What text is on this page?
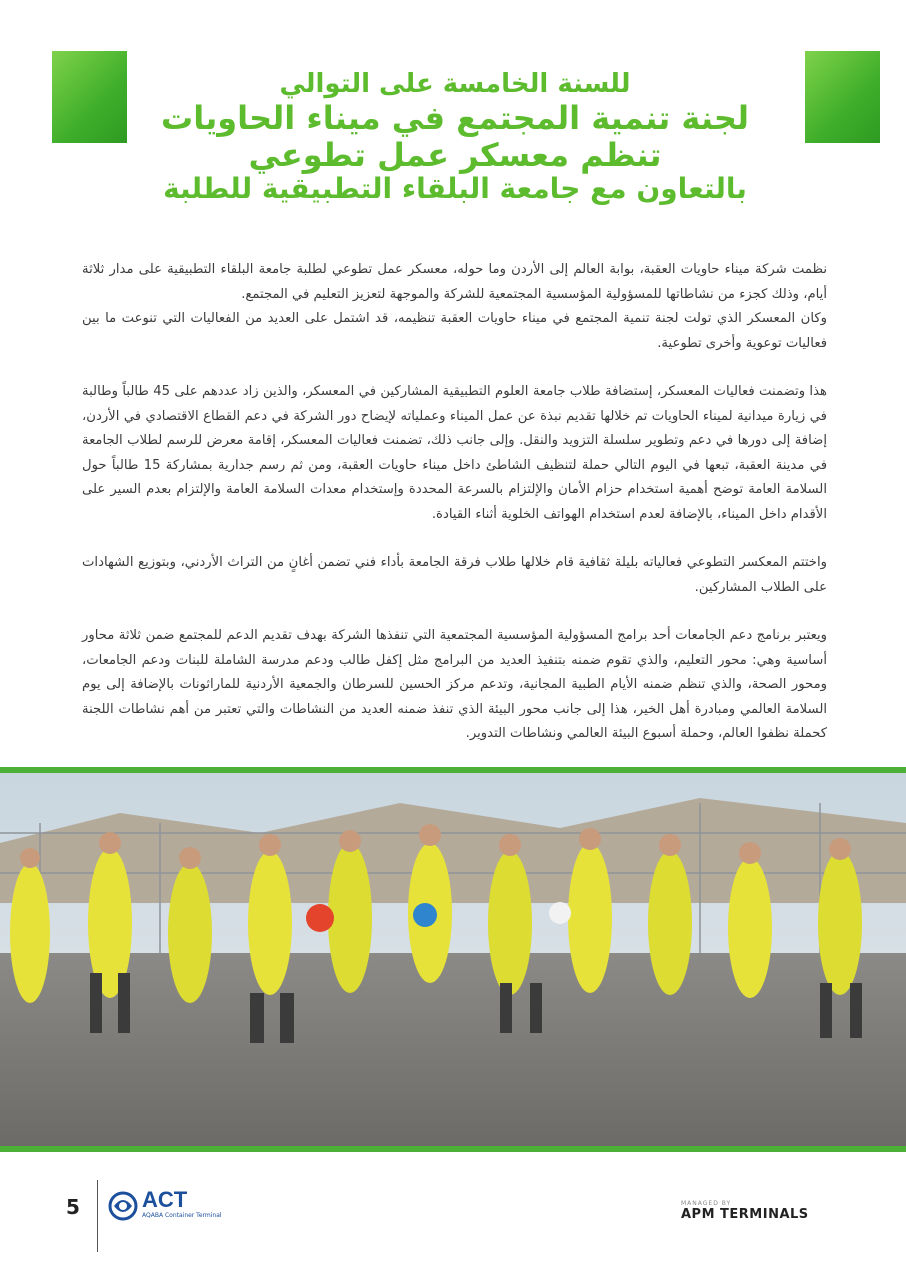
للسنة الخامسة على التوالي
لجنة تنمية المجتمع في ميناء الحاويات
تنظم معسكر عمل تطوعي
بالتعاون مع جامعة البلقاء التطبيقية للطلبة

نظمت شركة ميناء حاويات العقبة، بوابة العالم إلى الأردن وما حوله، معسكر عمل تطوعي لطلبة جامعة البلقاء التطبيقية على مدار ثلاثة أيام، وذلك كجزء من نشاطاتها للمسؤولية المؤسسية المجتمعية للشركة والموجهة لتعزيز التعليم في المجتمع.

وكان المعسكر الذي تولت لجنة تنمية المجتمع في ميناء حاويات العقبة تنظيمه، قد اشتمل على العديد من الفعاليات التي تنوعت ما بين فعاليات توعوية وأخرى تطوعية.

هذا وتضمنت فعاليات المعسكر، إستضافة طلاب جامعة العلوم التطبيقية المشاركين في المعسكر، والذين زاد عددهم على 45 طالباً وطالبة في زيارة ميدانية لميناء الحاويات تم خلالها تقديم نبذة عن عمل الميناء وعملياته لإيضاح دور الشركة في دعم القطاع الاقتصادي في الأردن، إضافة إلى دورها في دعم وتطوير سلسلة التزويد والنقل. وإلى جانب ذلك، تضمنت فعاليات المعسكر، إقامة معرض للرسم لطلاب الجامعة في مدينة العقبة، تبعها في اليوم التالي حملة لتنظيف الشاطئ داخل ميناء حاويات العقبة، ومن ثم رسم جدارية بمشاركة 15 طالباً حول السلامة العامة توضح أهمية استخدام حزام الأمان والإلتزام بالسرعة المحددة وإستخدام معدات السلامة العامة والإلتزام بعدم السير على الأقدام داخل الميناء، بالإضافة لعدم استخدام الهواتف الخلوية أثناء القيادة.

واختتم المعكسر التطوعي فعالياته بليلة ثقافية قام خلالها طلاب فرقة الجامعة بأداء فني تضمن أغانٍ من التراث الأردني، وبتوزيع الشهادات على الطلاب المشاركين.

ويعتبر برنامج دعم الجامعات أحد برامج المسؤولية المؤسسية المجتمعية التي تنفذها الشركة بهدف تقديم الدعم للمجتمع ضمن ثلاثة محاور أساسية وهي: محور التعليم، والذي تقوم ضمنه بتنفيذ العديد من البرامج مثل إكفل طالب ودعم مدرسة الشاملة للبنات ودعم الجامعات، ومحور الصحة، والذي تنظم ضمنه الأيام الطبية المجانية، وتدعم مركز الحسين للسرطان والجمعية الأردنية للماراثونات بالإضافة إلى يوم السلامة العالمي ومبادرة أهل الخير، هذا إلى جانب محور البيئة الذي تنفذ ضمنه العديد من النشاطات والتي تعتبر من أهم نشاطات اللجنة كحملة نظفوا العالم، وحملة أسبوع البيئة العالمي ونشاطات التدوير.

5	ACT
AQABA Container Terminal
MANAGED BY
APM TERMINALS
